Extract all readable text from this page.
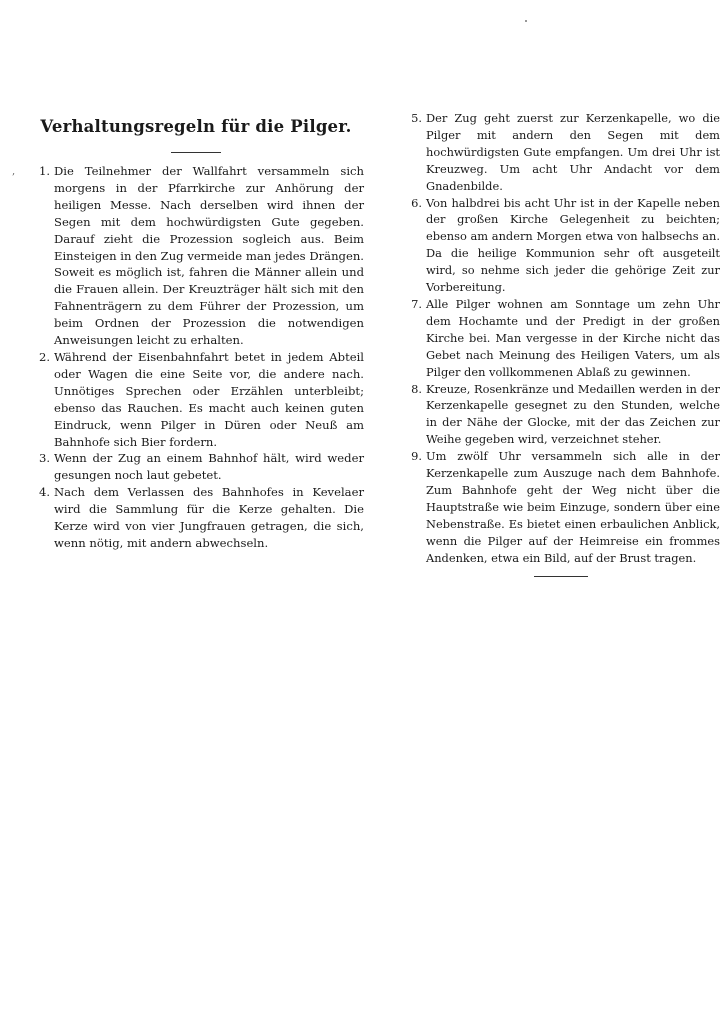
,
Verhaltungsregeln für die Pilger.

1. Die Teilnehmer der Wallfahrt versammeln sich morgens in der Pfarrkirche zur Anhörung der heiligen Messe. Nach derselben wird ihnen der Segen mit dem hochwürdigsten Gute gegeben. Darauf zieht die Prozession sogleich aus. Beim Einsteigen in den Zug vermeide man jedes Drängen. Soweit es möglich ist, fahren die Männer allein und die Frauen allein. Der Kreuzträger hält sich mit den Fahnenträgern zu dem Führer der Prozession, um beim Ordnen der Prozession die notwendigen Anweisungen leicht zu erhalten.

2. Während der Eisenbahnfahrt betet in jedem Abteil oder Wagen die eine Seite vor, die andere nach. Unnötiges Sprechen oder Erzählen unterbleibt; ebenso das Rauchen. Es macht auch keinen guten Eindruck, wenn Pilger in Düren oder Neuß am Bahnhofe sich Bier fordern.

3. Wenn der Zug an einem Bahnhof hält, wird weder gesungen noch laut gebetet.

4. Nach dem Verlassen des Bahnhofes in Kevelaer wird die Sammlung für die Kerze gehalten. Die Kerze wird von vier Jungfrauen getragen, die sich, wenn nötig, mit andern abwechseln.

5. Der Zug geht zuerst zur Kerzenkapelle, wo die Pilger mit andern den Segen mit dem hochwürdigsten Gute empfangen. Um drei Uhr ist Kreuzweg. Um acht Uhr Andacht vor dem Gnadenbilde.

6. Von halbdrei bis acht Uhr ist in der Kapelle neben der großen Kirche Gelegenheit zu beichten; ebenso am andern Morgen etwa von halbsechs an. Da die heilige Kommunion sehr oft ausgeteilt wird, so nehme sich jeder die gehörige Zeit zur Vorbereitung.

7. Alle Pilger wohnen am Sonntage um zehn Uhr dem Hochamte und der Predigt in der großen Kirche bei. Man vergesse in der Kirche nicht das Gebet nach Meinung des Heiligen Vaters, um als Pilger den vollkommenen Ablaß zu gewinnen.

8. Kreuze, Rosenkränze und Medaillen werden in der Kerzenkapelle gesegnet zu den Stunden, welche in der Nähe der Glocke, mit der das Zeichen zur Weihe gegeben wird, verzeichnet steher.

9. Um zwölf Uhr versammeln sich alle in der Kerzenkapelle zum Auszuge nach dem Bahnhofe. Zum Bahnhofe geht der Weg nicht über die Hauptstraße wie beim Einzuge, sondern über eine Nebenstraße. Es bietet einen erbaulichen Anblick, wenn die Pilger auf der Heimreise ein frommes Andenken, etwa ein Bild, auf der Brust tragen.
